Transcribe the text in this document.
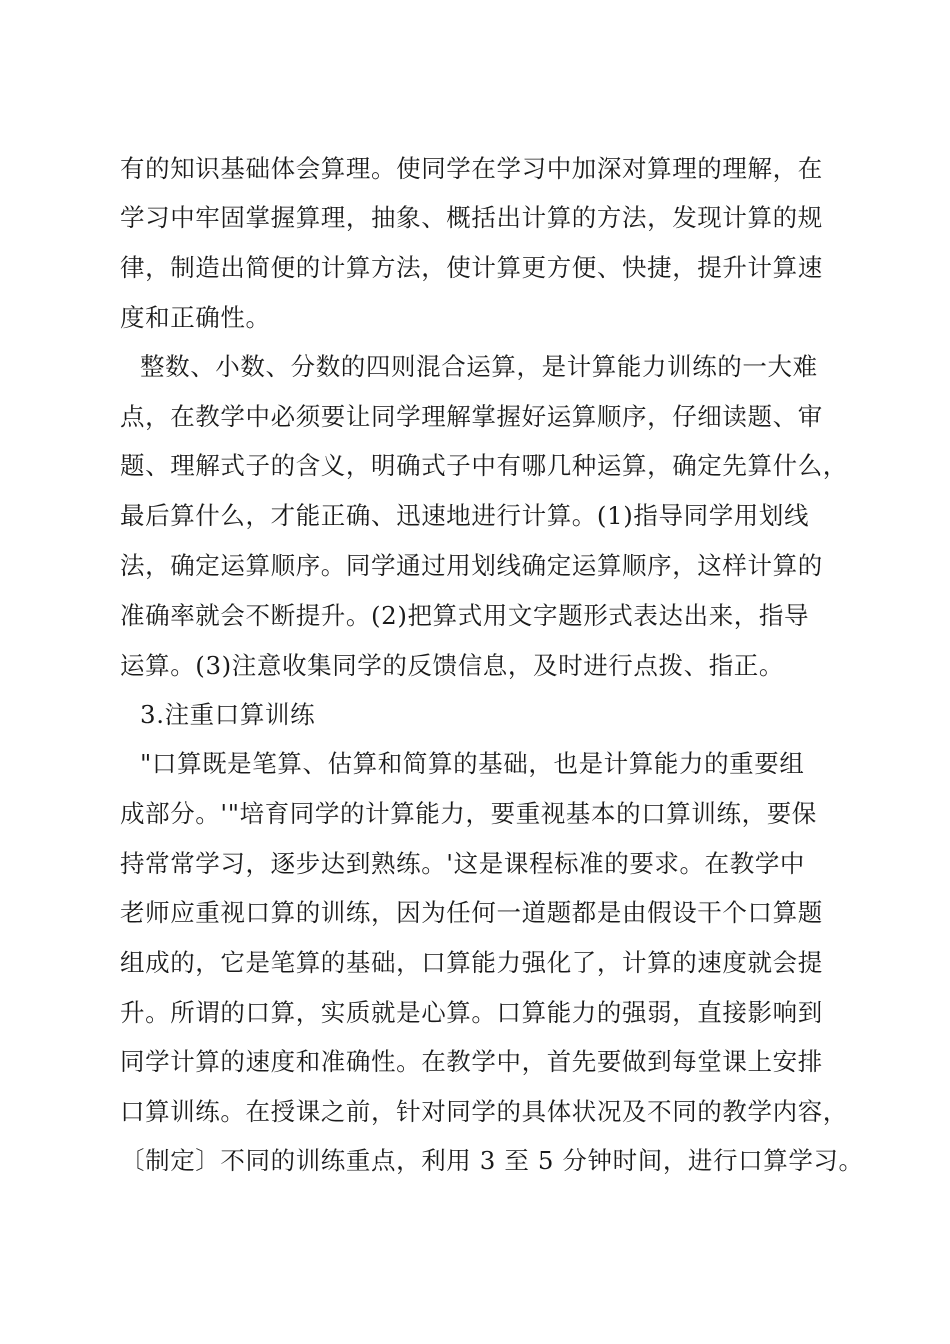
有的知识基础体会算理。使同学在学习中加深对算理的理解，在
学习中牢固掌握算理，抽象、概括出计算的方法，发现计算的规
律，制造出简便的计算方法，使计算更方便、快捷，提升计算速
度和正确性。
整数、小数、分数的四则混合运算，是计算能力训练的一大难
点，在教学中必须要让同学理解掌握好运算顺序，仔细读题、审
题、理解式子的含义，明确式子中有哪几种运算，确定先算什么，
最后算什么，才能正确、迅速地进行计算。(1)指导同学用划线
法，确定运算顺序。同学通过用划线确定运算顺序，这样计算的
准确率就会不断提升。(2)把算式用文字题形式表达出来，指导
运算。(3)注意收集同学的反馈信息，及时进行点拨、指正。
3.注重口算训练
"口算既是笔算、估算和简算的基础，也是计算能力的重要组
成部分。'"培育同学的计算能力，要重视基本的口算训练，要保
持常常学习，逐步达到熟练。'这是课程标准的要求。在教学中
老师应重视口算的训练，因为任何一道题都是由假设干个口算题
组成的，它是笔算的基础，口算能力强化了，计算的速度就会提
升。所谓的口算，实质就是心算。口算能力的强弱，直接影响到
同学计算的速度和准确性。在教学中，首先要做到每堂课上安排
口算训练。在授课之前，针对同学的具体状况及不同的教学内容，
〔制定〕不同的训练重点，利用 3 至 5 分钟时间，进行口算学习。
